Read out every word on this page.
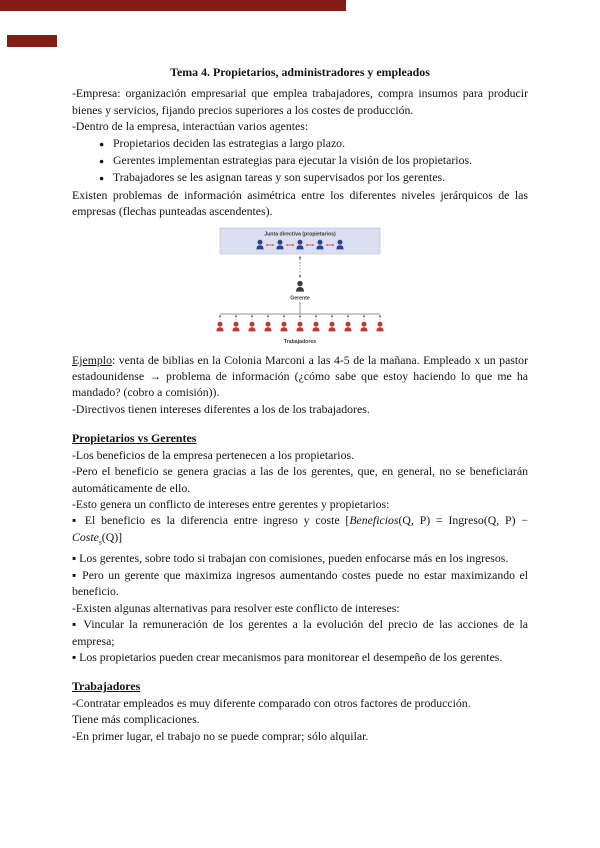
Tema 4. Propietarios, administradores y empleados

-Empresa: organización empresarial que emplea trabajadores, compra insumos para producir bienes y servicios, fijando precios superiores a los costes de producción.

-Dentro de la empresa, interactúan varios agentes:

● Propietarios deciden las estrategias a largo plazo.
● Gerentes implementan estrategias para ejecutar la visión de los propietarios.
● Trabajadores se les asignan tareas y son supervisados por los gerentes.

Existen problemas de información asimétrica entre los diferentes niveles jerárquicos de las empresas (flechas punteadas ascendentes).

Junta directiva (propietarios)
Gerente
Trabajadores

Ejemplo: venta de biblias en la Colonia Marconi a las 4-5 de la mañana. Empleado x un pastor estadounidense → problema de información (¿cómo sabe que estoy haciendo lo que me ha mandado? (cobro a comisión)).

-Directivos tienen intereses diferentes a los de los trabajadores.

Propietarios vs Gerentes

-Los beneficios de la empresa pertenecen a los propietarios.

-Pero el beneficio se genera gracias a las de los gerentes, que, en general, no se beneficiarán automáticamente de ello.

-Esto genera un conflicto de intereses entre gerentes y propietarios:

▪ El beneficio es la diferencia entre ingreso y coste [Beneficios(Q, P) = Ingreso(Q, P) − Coste$_s$(Q)]

▪ Los gerentes, sobre todo si trabajan con comisiones, pueden enfocarse más en los ingresos.

▪ Pero un gerente que maximiza ingresos aumentando costes puede no estar maximizando el beneficio.

-Existen algunas alternativas para resolver este conflicto de intereses:

▪ Vincular la remuneración de los gerentes a la evolución del precio de las acciones de la empresa;

▪ Los propietarios pueden crear mecanismos para monitorear el desempeño de los gerentes.

Trabajadores

-Contratar empleados es muy diferente comparado con otros factores de producción.

Tiene más complicaciones.

-En primer lugar, el trabajo no se puede comprar; sólo alquilar.
